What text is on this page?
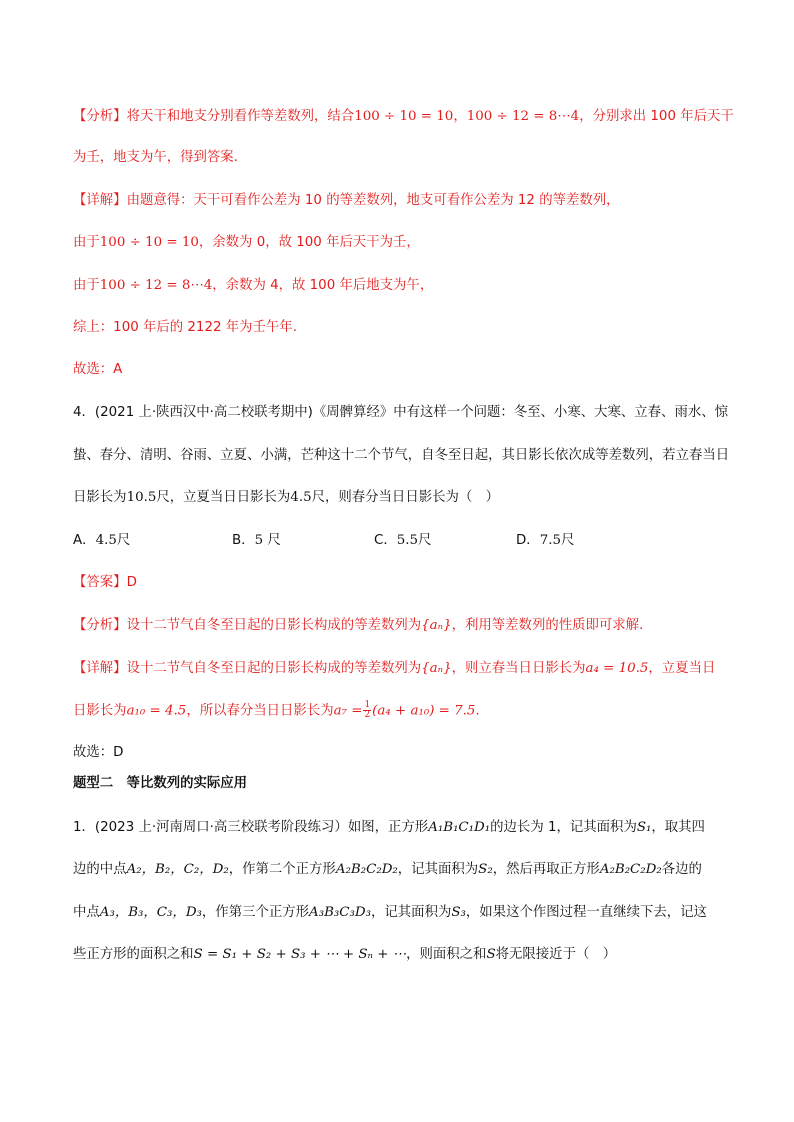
【分析】将天干和地支分别看作等差数列，结合100 ÷ 10 = 10，100 ÷ 12 = 8⋯4，分别求出 100 年后天干
为壬，地支为午，得到答案.
【详解】由题意得：天干可看作公差为 10 的等差数列，地支可看作公差为 12 的等差数列，
由于100 ÷ 10 = 10，余数为 0，故 100 年后天干为壬，
由于100 ÷ 12 = 8⋯4，余数为 4，故 100 年后地支为午，
综上：100 年后的 2122 年为壬午年.
故选：A
4．(2021 上·陕西汉中·高二校联考期中)《周髀算经》中有这样一个问题：冬至、小寒、大寒、立春、雨水、惊
蛰、春分、清明、谷雨、立夏、小满，芒种这十二个节气，自冬至日起，其日影长依次成等差数列，若立春当日
日影长为10.5尺，立夏当日日影长为4.5尺，则春分当日日影长为（　）
A．4.5尺	B．5 尺	C．5.5尺	D．7.5尺
【答案】D
【分析】设十二节气自冬至日起的日影长构成的等差数列为{aₙ}，利用等差数列的性质即可求解.
【详解】设十二节气自冬至日起的日影长构成的等差数列为{aₙ}，则立春当日日影长为a₄ = 10.5，立夏当日
日影长为a₁₀ = 4.5，所以春分当日日影长为$a_7 = \frac{1}{2} (a_4 + a_{10}) = 7.5$.
故选：D
题型二　等比数列的实际应用
1．(2023 上·河南周口·高三校联考阶段练习）如图，正方形A₁B₁C₁D₁的边长为 1，记其面积为S₁，取其四
边的中点A₂，B₂，C₂，D₂，作第二个正方形A₂B₂C₂D₂，记其面积为S₂，然后再取正方形A₂B₂C₂D₂各边的
中点A₃，B₃，C₃，D₃，作第三个正方形A₃B₃C₃D₃，记其面积为S₃，如果这个作图过程一直继续下去，记这
些正方形的面积之和S = S₁ + S₂ + S₃ + ⋯ + Sₙ + ⋯，则面积之和S将无限接近于（　）
